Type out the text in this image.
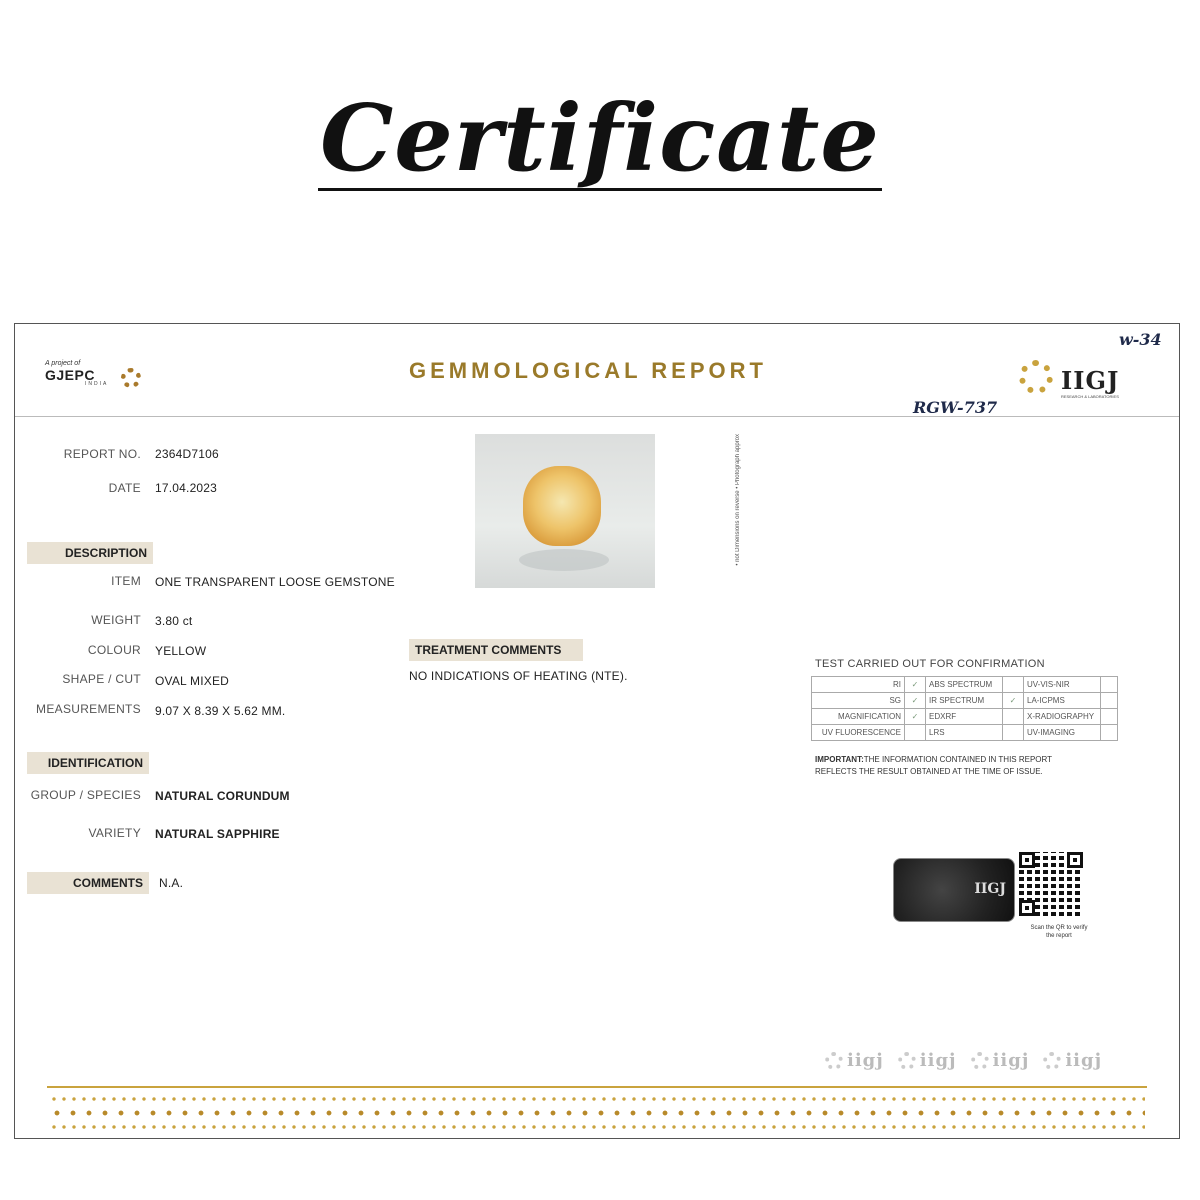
Certificate
A project of
GJEPC
INDIA
GEMMOLOGICAL REPORT	IIGJ
RESEARCH & LABORATORIES
w-34
RGW-737
REPORT NO. 2364D7106
DATE 17.04.2023
DESCRIPTION
ITEM ONE TRANSPARENT LOOSE GEMSTONE
WEIGHT 3.80 ct
COLOUR YELLOW
SHAPE / CUT OVAL MIXED
MEASUREMENTS 9.07 X 8.39 X 5.62 MM.
IDENTIFICATION
GROUP / SPECIES NATURAL CORUNDUM
VARIETY NATURAL SAPPHIRE
COMMENTS	N.A.
• not Dimensions on reverse • Photograph approx
TREATMENT COMMENTS
NO INDICATIONS OF HEATING (NTE).
TEST CARRIED OUT FOR CONFIRMATION
RI	✓	ABS SPECTRUM		UV-VIS-NIR	
SG	✓	IR SPECTRUM	✓	LA-ICPMS	
MAGNIFICATION	✓	EDXRF		X-RADIOGRAPHY	
UV FLUORESCENCE		LRS		UV-IMAGING	
IMPORTANT:THE INFORMATION CONTAINED IN THIS REPORT REFLECTS THE RESULT OBTAINED AT THE TIME OF ISSUE.
IIGJ
Scan the QR to verify the report
iigj	iigj	iigj	iigj
